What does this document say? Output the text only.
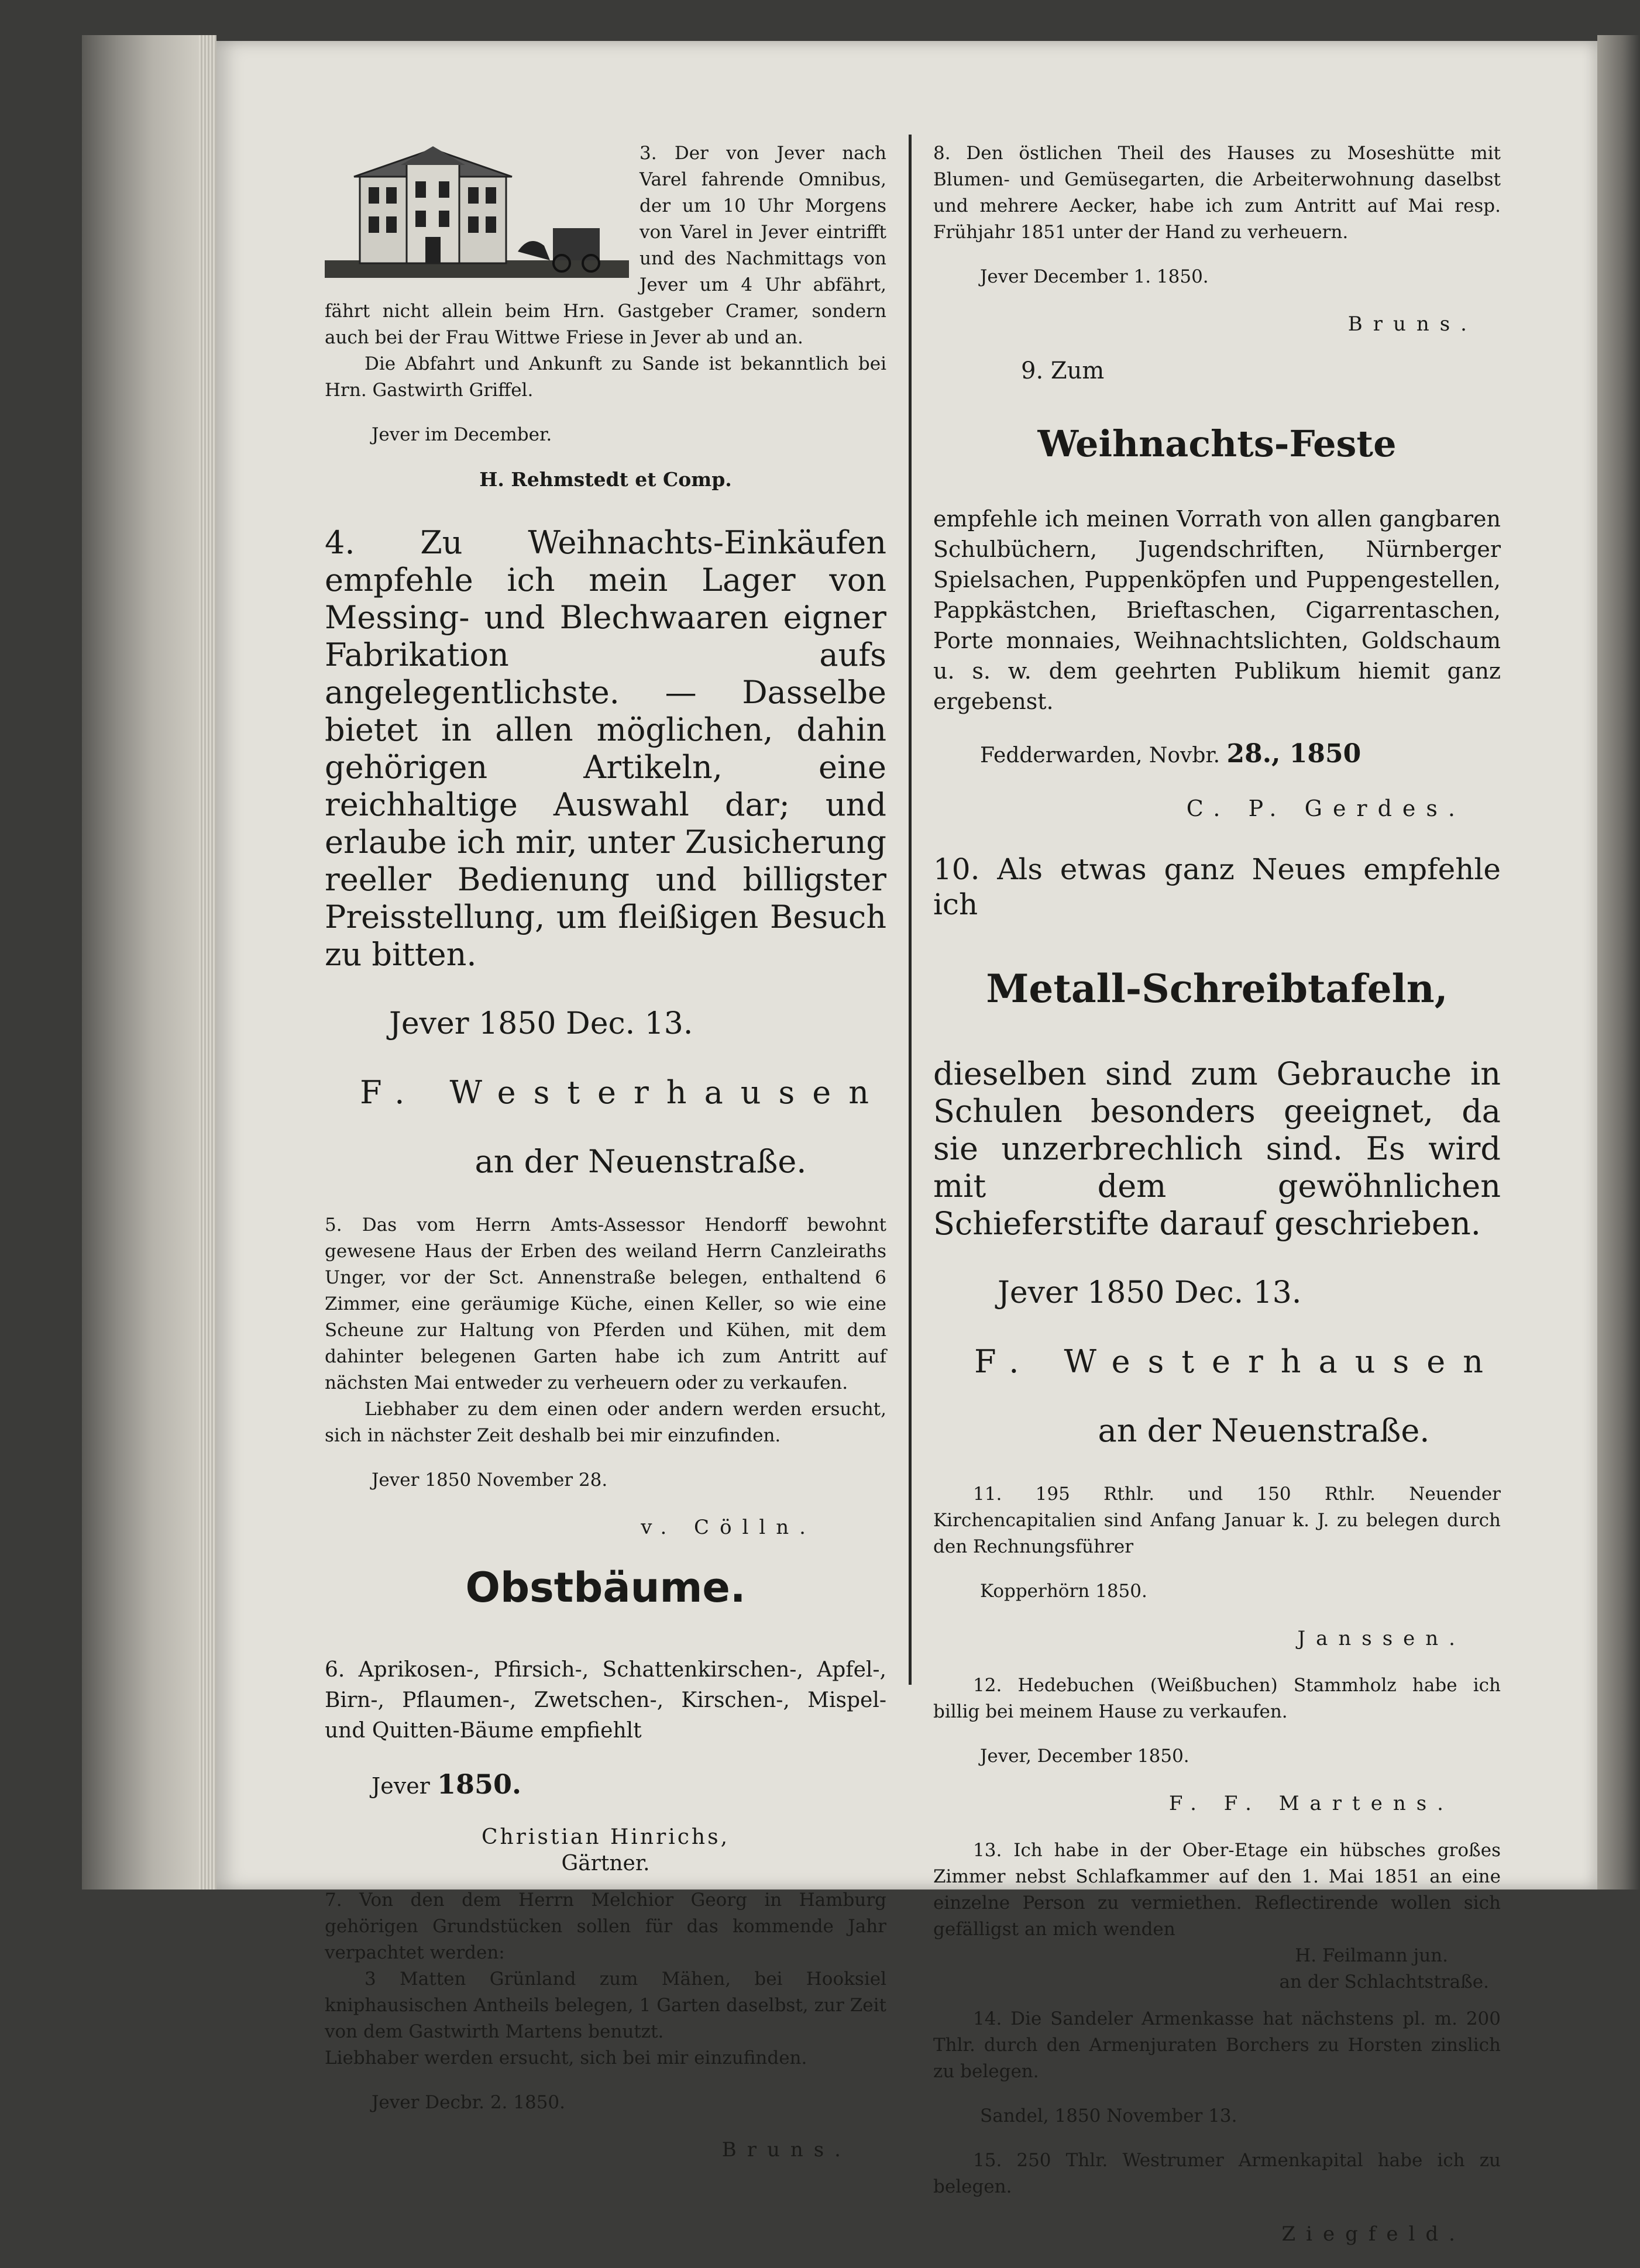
3. Der von Jever nach Varel fahrende Omnibus, der um 10 Uhr Morgens von Varel in Jever eintrifft und des Nachmittags von Jever um 4 Uhr abfährt, fährt nicht allein beim Hrn. Gastgeber Cramer, sondern auch bei der Frau Wittwe Friese in Jever ab und an.

Die Abfahrt und Ankunft zu Sande ist bekanntlich bei Hrn. Gastwirth Griffel.

Jever im December.

H. Rehmstedt et Comp.

4. Zu Weihnachts-Einkäufen empfehle ich mein Lager von Messing- und Blechwaaren eigner Fabrikation aufs angelegentlichste. — Dasselbe bietet in allen möglichen, dahin gehörigen Artikeln, eine reichhaltige Auswahl dar; und erlaube ich mir, unter Zusicherung reeller Bedienung und billigster Preisstellung, um fleißigen Besuch zu bitten.

Jever 1850 Dec. 13.

F. Westerhausen

an der Neuenstraße.

5. Das vom Herrn Amts-Assessor Hendorff bewohnt gewesene Haus der Erben des weiland Herrn Canzleiraths Unger, vor der Sct. Annenstraße belegen, enthaltend 6 Zimmer, eine geräumige Küche, einen Keller, so wie eine Scheune zur Haltung von Pferden und Kühen, mit dem dahinter belegenen Garten habe ich zum Antritt auf nächsten Mai entweder zu verheuern oder zu verkaufen.

Liebhaber zu dem einen oder andern werden ersucht, sich in nächster Zeit deshalb bei mir einzufinden.

Jever 1850 November 28.

v. Cölln.

Obstbäume.

6. Aprikosen-, Pfirsich-, Schattenkirschen-, Apfel-, Birn-, Pflaumen-, Zwetschen-, Kirschen-, Mispel- und Quitten-Bäume empfiehlt

Jever 1850.

Christian Hinrichs,

Gärtner.

7. Von den dem Herrn Melchior Georg in Hamburg gehörigen Grundstücken sollen für das kommende Jahr verpachtet werden:

3 Matten Grünland zum Mähen, bei Hooksiel kniphausischen Antheils belegen, 1 Garten daselbst, zur Zeit von dem Gastwirth Martens benutzt.

Liebhaber werden ersucht, sich bei mir einzufinden.

Jever Decbr. 2. 1850.

Bruns.

8. Den östlichen Theil des Hauses zu Moseshütte mit Blumen- und Gemüsegarten, die Arbeiterwohnung daselbst und mehrere Aecker, habe ich zum Antritt auf Mai resp. Frühjahr 1851 unter der Hand zu verheuern.

Jever December 1. 1850.

Bruns.

9. Zum

Weihnachts-Feste

empfehle ich meinen Vorrath von allen gangbaren Schulbüchern, Jugendschriften, Nürnberger Spielsachen, Puppenköpfen und Puppengestellen, Pappkästchen, Brieftaschen, Cigarrentaschen, Porte monnaies, Weihnachtslichten, Goldschaum u. s. w. dem geehrten Publikum hiemit ganz ergebenst.

Fedderwarden, Novbr. 28., 1850

C. P. Gerdes.

10. Als etwas ganz Neues empfehle ich

Metall-Schreibtafeln,

dieselben sind zum Gebrauche in Schulen besonders geeignet, da sie unzerbrechlich sind. Es wird mit dem gewöhnlichen Schieferstifte darauf geschrieben.

Jever 1850 Dec. 13.

F. Westerhausen

an der Neuenstraße.

11. 195 Rthlr. und 150 Rthlr. Neuender Kirchencapitalien sind Anfang Januar k. J. zu belegen durch den Rechnungsführer

Kopperhörn 1850.

Janssen.

12. Hedebuchen (Weißbuchen) Stammholz habe ich billig bei meinem Hause zu verkaufen.

Jever, December 1850.

F. F. Martens.

13. Ich habe in der Ober-Etage ein hübsches großes Zimmer nebst Schlafkammer auf den 1. Mai 1851 an eine einzelne Person zu vermiethen. Reflectirende wollen sich gefälligst an mich wenden

H. Feilmann jun.

an der Schlachtstraße.

14. Die Sandeler Armenkasse hat nächstens pl. m. 200 Thlr. durch den Armenjuraten Borchers zu Horsten zinslich zu belegen.

Sandel, 1850 November 13.

15. 250 Thlr. Westrumer Armenkapital habe ich zu belegen.

Ziegfeld.
